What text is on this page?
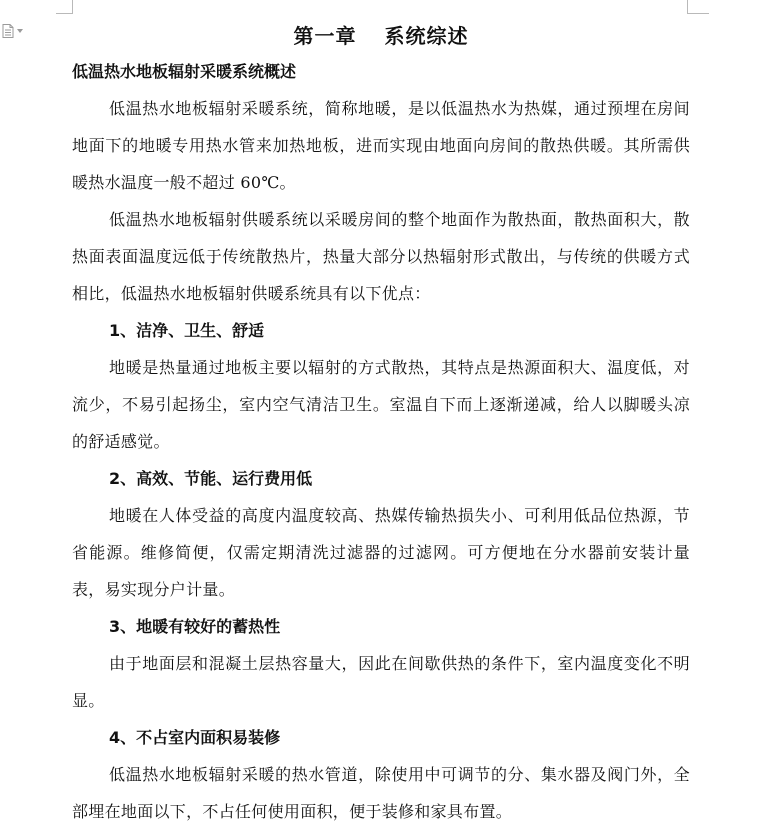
第一章 系统综述
低温热水地板辐射采暖系统概述

低温热水地板辐射采暖系统，简称地暖，是以低温热水为热媒，通过预埋在房间地面下的地暖专用热水管来加热地板，进而实现由地面向房间的散热供暖。其所需供暖热水温度一般不超过 60℃。

低温热水地板辐射供暖系统以采暖房间的整个地面作为散热面，散热面积大，散热面表面温度远低于传统散热片，热量大部分以热辐射形式散出，与传统的供暖方式相比，低温热水地板辐射供暖系统具有以下优点：

1、洁净、卫生、舒适

地暖是热量通过地板主要以辐射的方式散热，其特点是热源面积大、温度低，对流少，不易引起扬尘，室内空气清洁卫生。室温自下而上逐渐递减，给人以脚暖头凉的舒适感觉。

2、高效、节能、运行费用低

地暖在人体受益的高度内温度较高、热媒传输热损失小、可利用低品位热源，节省能源。维修简便，仅需定期清洗过滤器的过滤网。可方便地在分水器前安装计量表，易实现分户计量。

3、地暖有较好的蓄热性

由于地面层和混凝土层热容量大，因此在间歇供热的条件下，室内温度变化不明显。

4、不占室内面积易装修

低温热水地板辐射采暖的热水管道，除使用中可调节的分、集水器及阀门外，全部埋在地面以下，不占任何使用面积，便于装修和家具布置。
